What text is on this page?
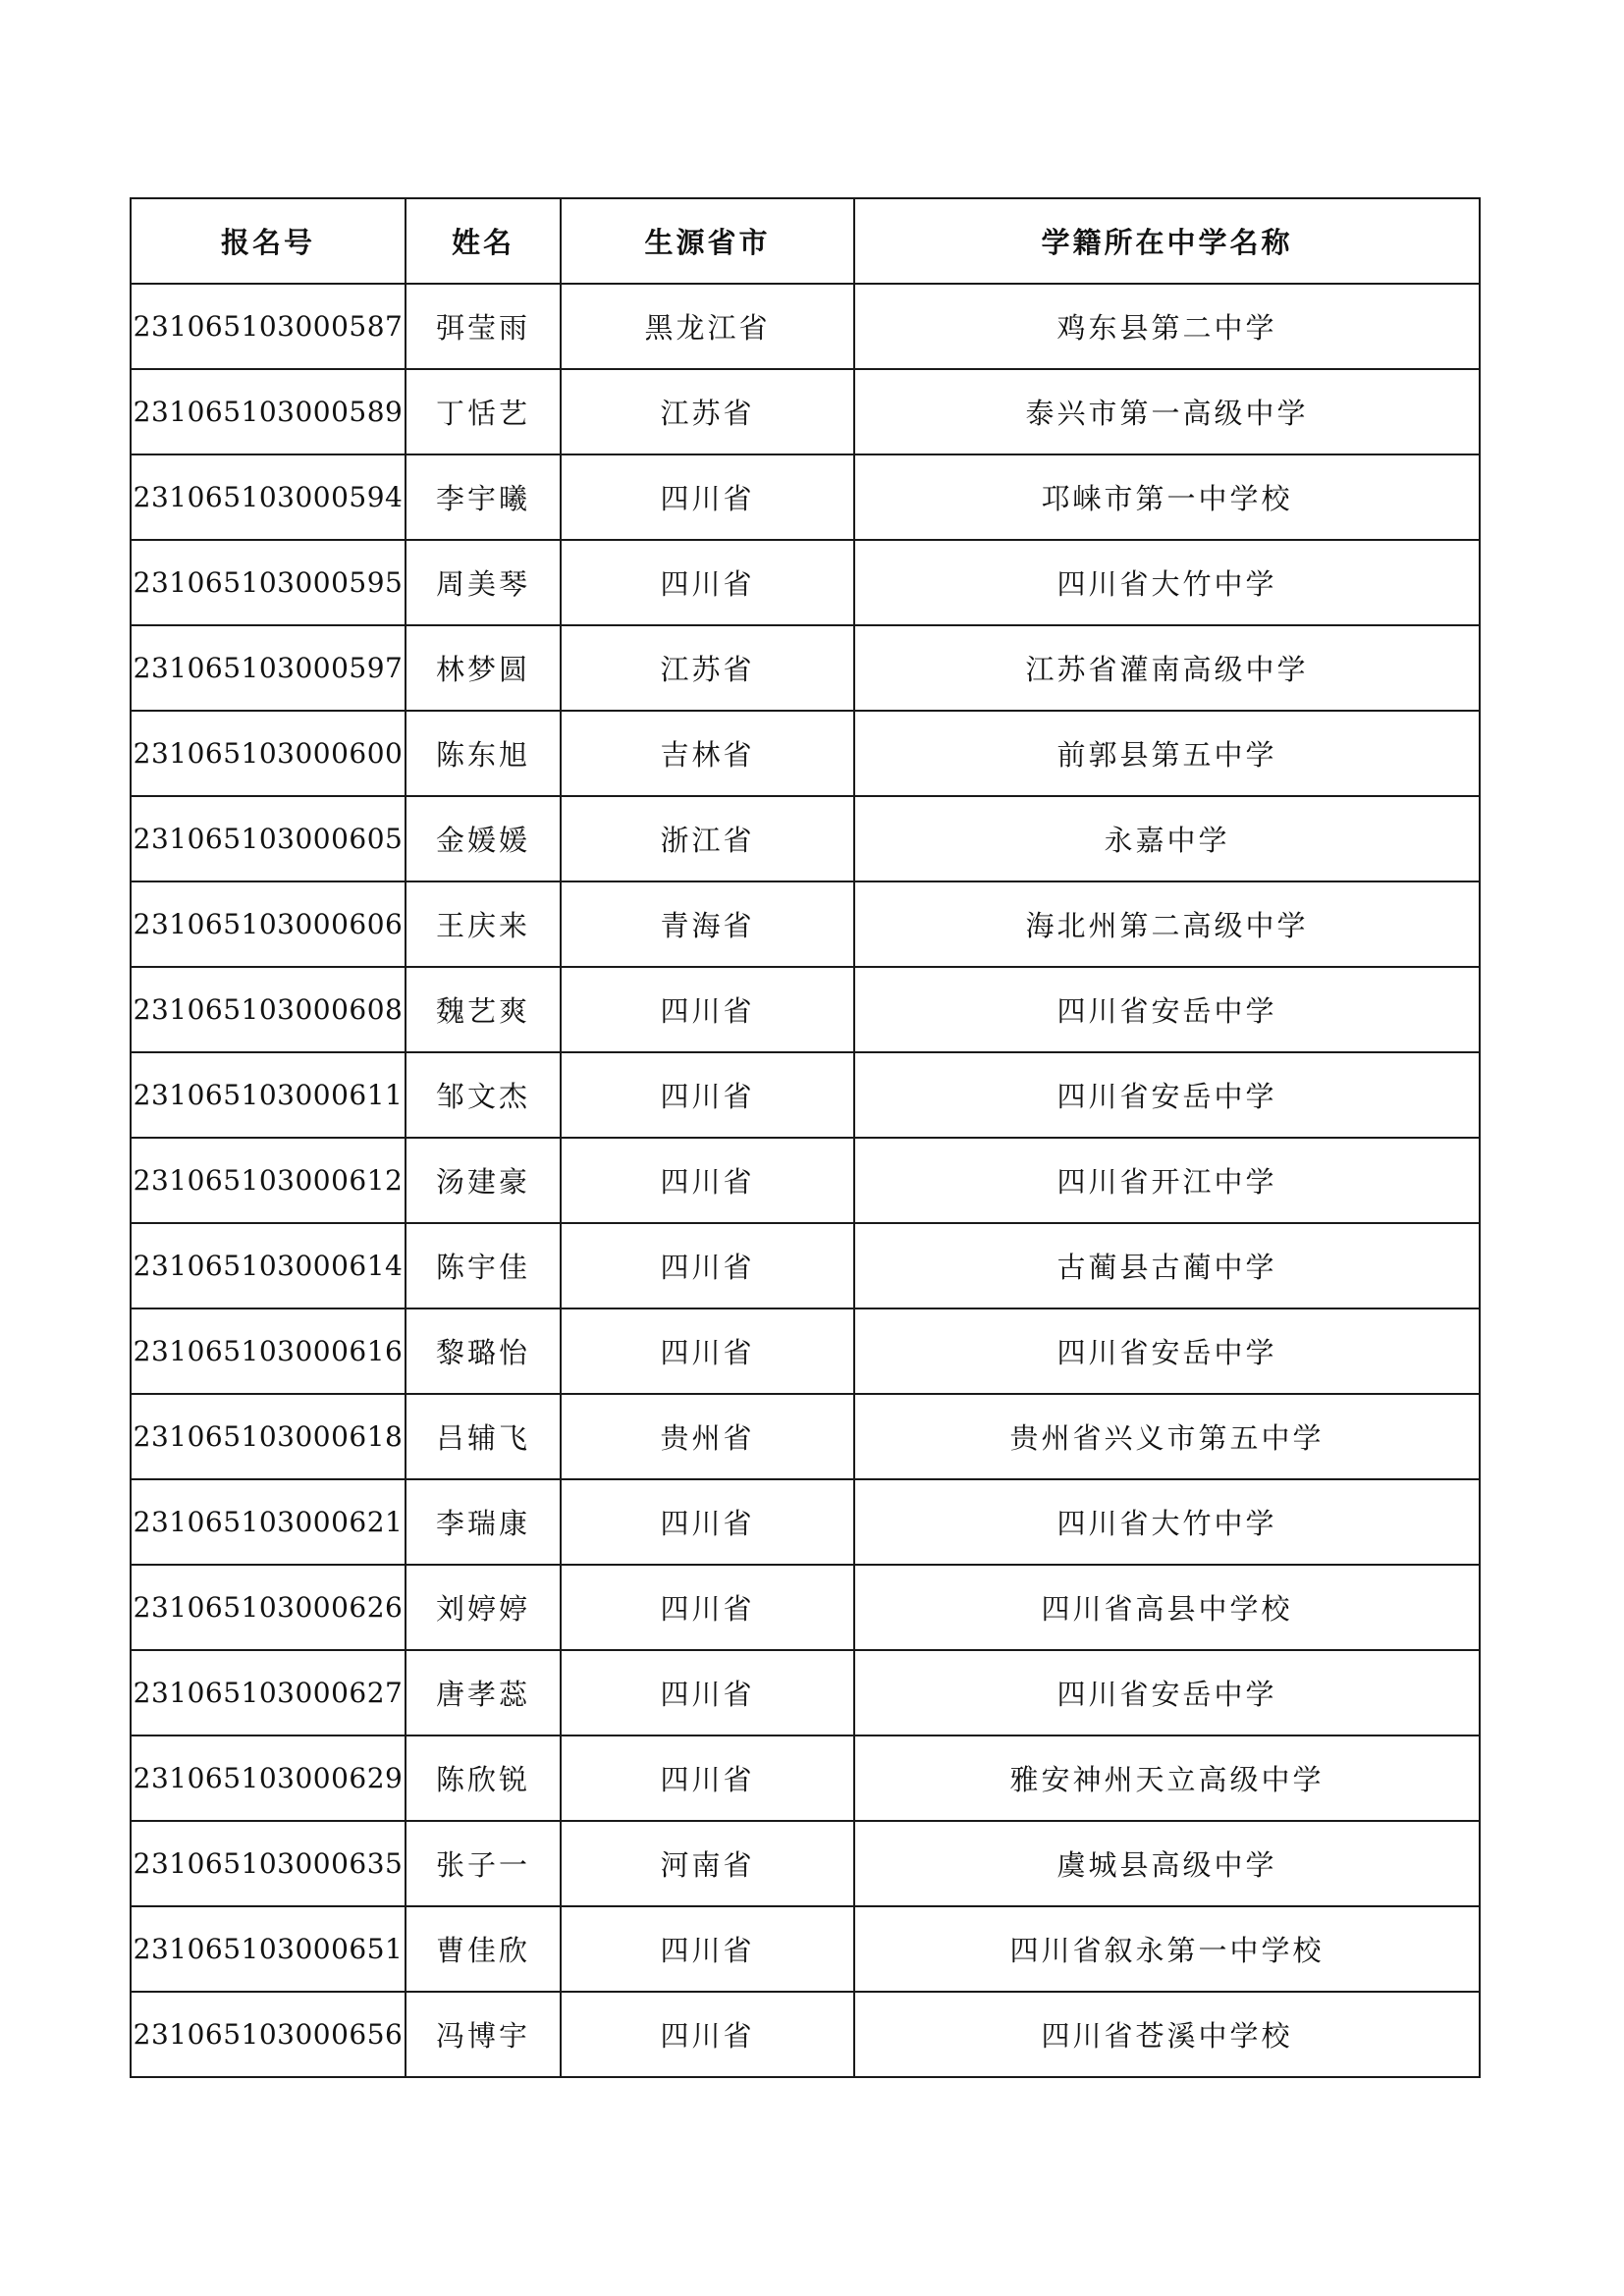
报名号	姓名	生源省市	学籍所在中学名称
231065103000587	弭莹雨	黑龙江省	鸡东县第二中学
231065103000589	丁恬艺	江苏省	泰兴市第一高级中学
231065103000594	李宇曦	四川省	邛崃市第一中学校
231065103000595	周美琴	四川省	四川省大竹中学
231065103000597	林梦圆	江苏省	江苏省灌南高级中学
231065103000600	陈东旭	吉林省	前郭县第五中学
231065103000605	金媛媛	浙江省	永嘉中学
231065103000606	王庆来	青海省	海北州第二高级中学
231065103000608	魏艺爽	四川省	四川省安岳中学
231065103000611	邹文杰	四川省	四川省安岳中学
231065103000612	汤建豪	四川省	四川省开江中学
231065103000614	陈宇佳	四川省	古蔺县古蔺中学
231065103000616	黎璐怡	四川省	四川省安岳中学
231065103000618	吕辅飞	贵州省	贵州省兴义市第五中学
231065103000621	李瑞康	四川省	四川省大竹中学
231065103000626	刘婷婷	四川省	四川省高县中学校
231065103000627	唐孝蕊	四川省	四川省安岳中学
231065103000629	陈欣锐	四川省	雅安神州天立高级中学
231065103000635	张子一	河南省	虞城县高级中学
231065103000651	曹佳欣	四川省	四川省叙永第一中学校
231065103000656	冯博宇	四川省	四川省苍溪中学校
